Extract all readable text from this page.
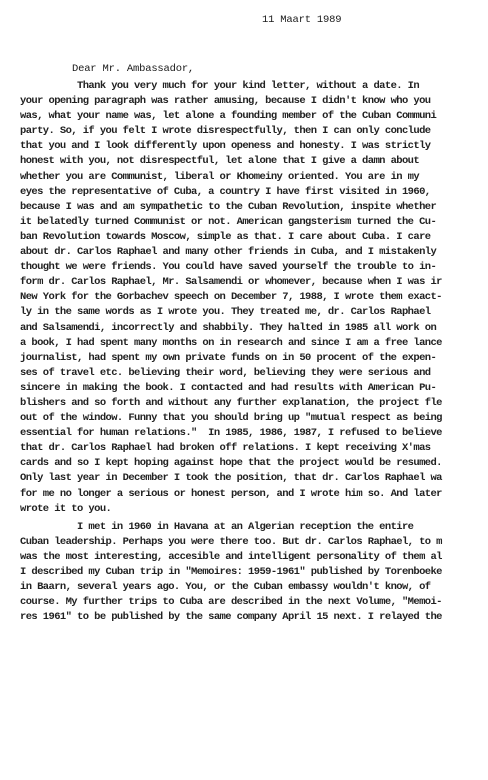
11 Maart 1989
Dear Mr. Ambassador,
Thank you very much for your kind letter, without a date. In
your opening paragraph was rather amusing, because I didn't know who you
was, what your name was, let alone a founding member of the Cuban Communi
party. So, if you felt I wrote disrespectfully, then I can only conclude
that you and I look differently upon openess and honesty. I was strictly
honest with you, not disrespectful, let alone that I give a damn about
whether you are Communist, liberal or Khomeiny oriented. You are in my
eyes the representative of Cuba, a country I have first visited in 1960,
because I was and am sympathetic to the Cuban Revolution, inspite whether
it belatedly turned Communist or not. American gangsterism turned the Cu-
ban Revolution towards Moscow, simple as that. I care about Cuba. I care
about dr. Carlos Raphael and many other friends in Cuba, and I mistakenly
thought we were friends. You could have saved yourself the trouble to in-
form dr. Carlos Raphael, Mr. Salsamendi or whomever, because when I was ir
New York for the Gorbachev speech on December 7, 1988, I wrote them exact-
ly in the same words as I wrote you. They treated me, dr. Carlos Raphael
and Salsamendi, incorrectly and shabbily. They halted in 1985 all work on
a book, I had spent many months on in research and since I am a free lance
journalist, had spent my own private funds on in 50 procent of the expen-
ses of travel etc. believing their word, believing they were serious and
sincere in making the book. I contacted and had results with American Pu-
blishers and so forth and without any further explanation, the project fle
out of the window. Funny that you should bring up "mutual respect as being
essential for human relations."  In 1985, 1986, 1987, I refused to believe
that dr. Carlos Raphael had broken off relations. I kept receiving X'mas
cards and so I kept hoping against hope that the project would be resumed.
Only last year in December I took the position, that dr. Carlos Raphael wa
for me no longer a serious or honest person, and I wrote him so. And later
wrote it to you.
I met in 1960 in Havana at an Algerian reception the entire
Cuban leadership. Perhaps you were there too. But dr. Carlos Raphael, to m
was the most interesting, accesible and intelligent personality of them al
I described my Cuban trip in "Memoires: 1959-1961" published by Torenboeke
in Baarn, several years ago. You, or the Cuban embassy wouldn't know, of
course. My further trips to Cuba are described in the next Volume, "Memoi-
res 1961" to be published by the same company April 15 next. I relayed the
